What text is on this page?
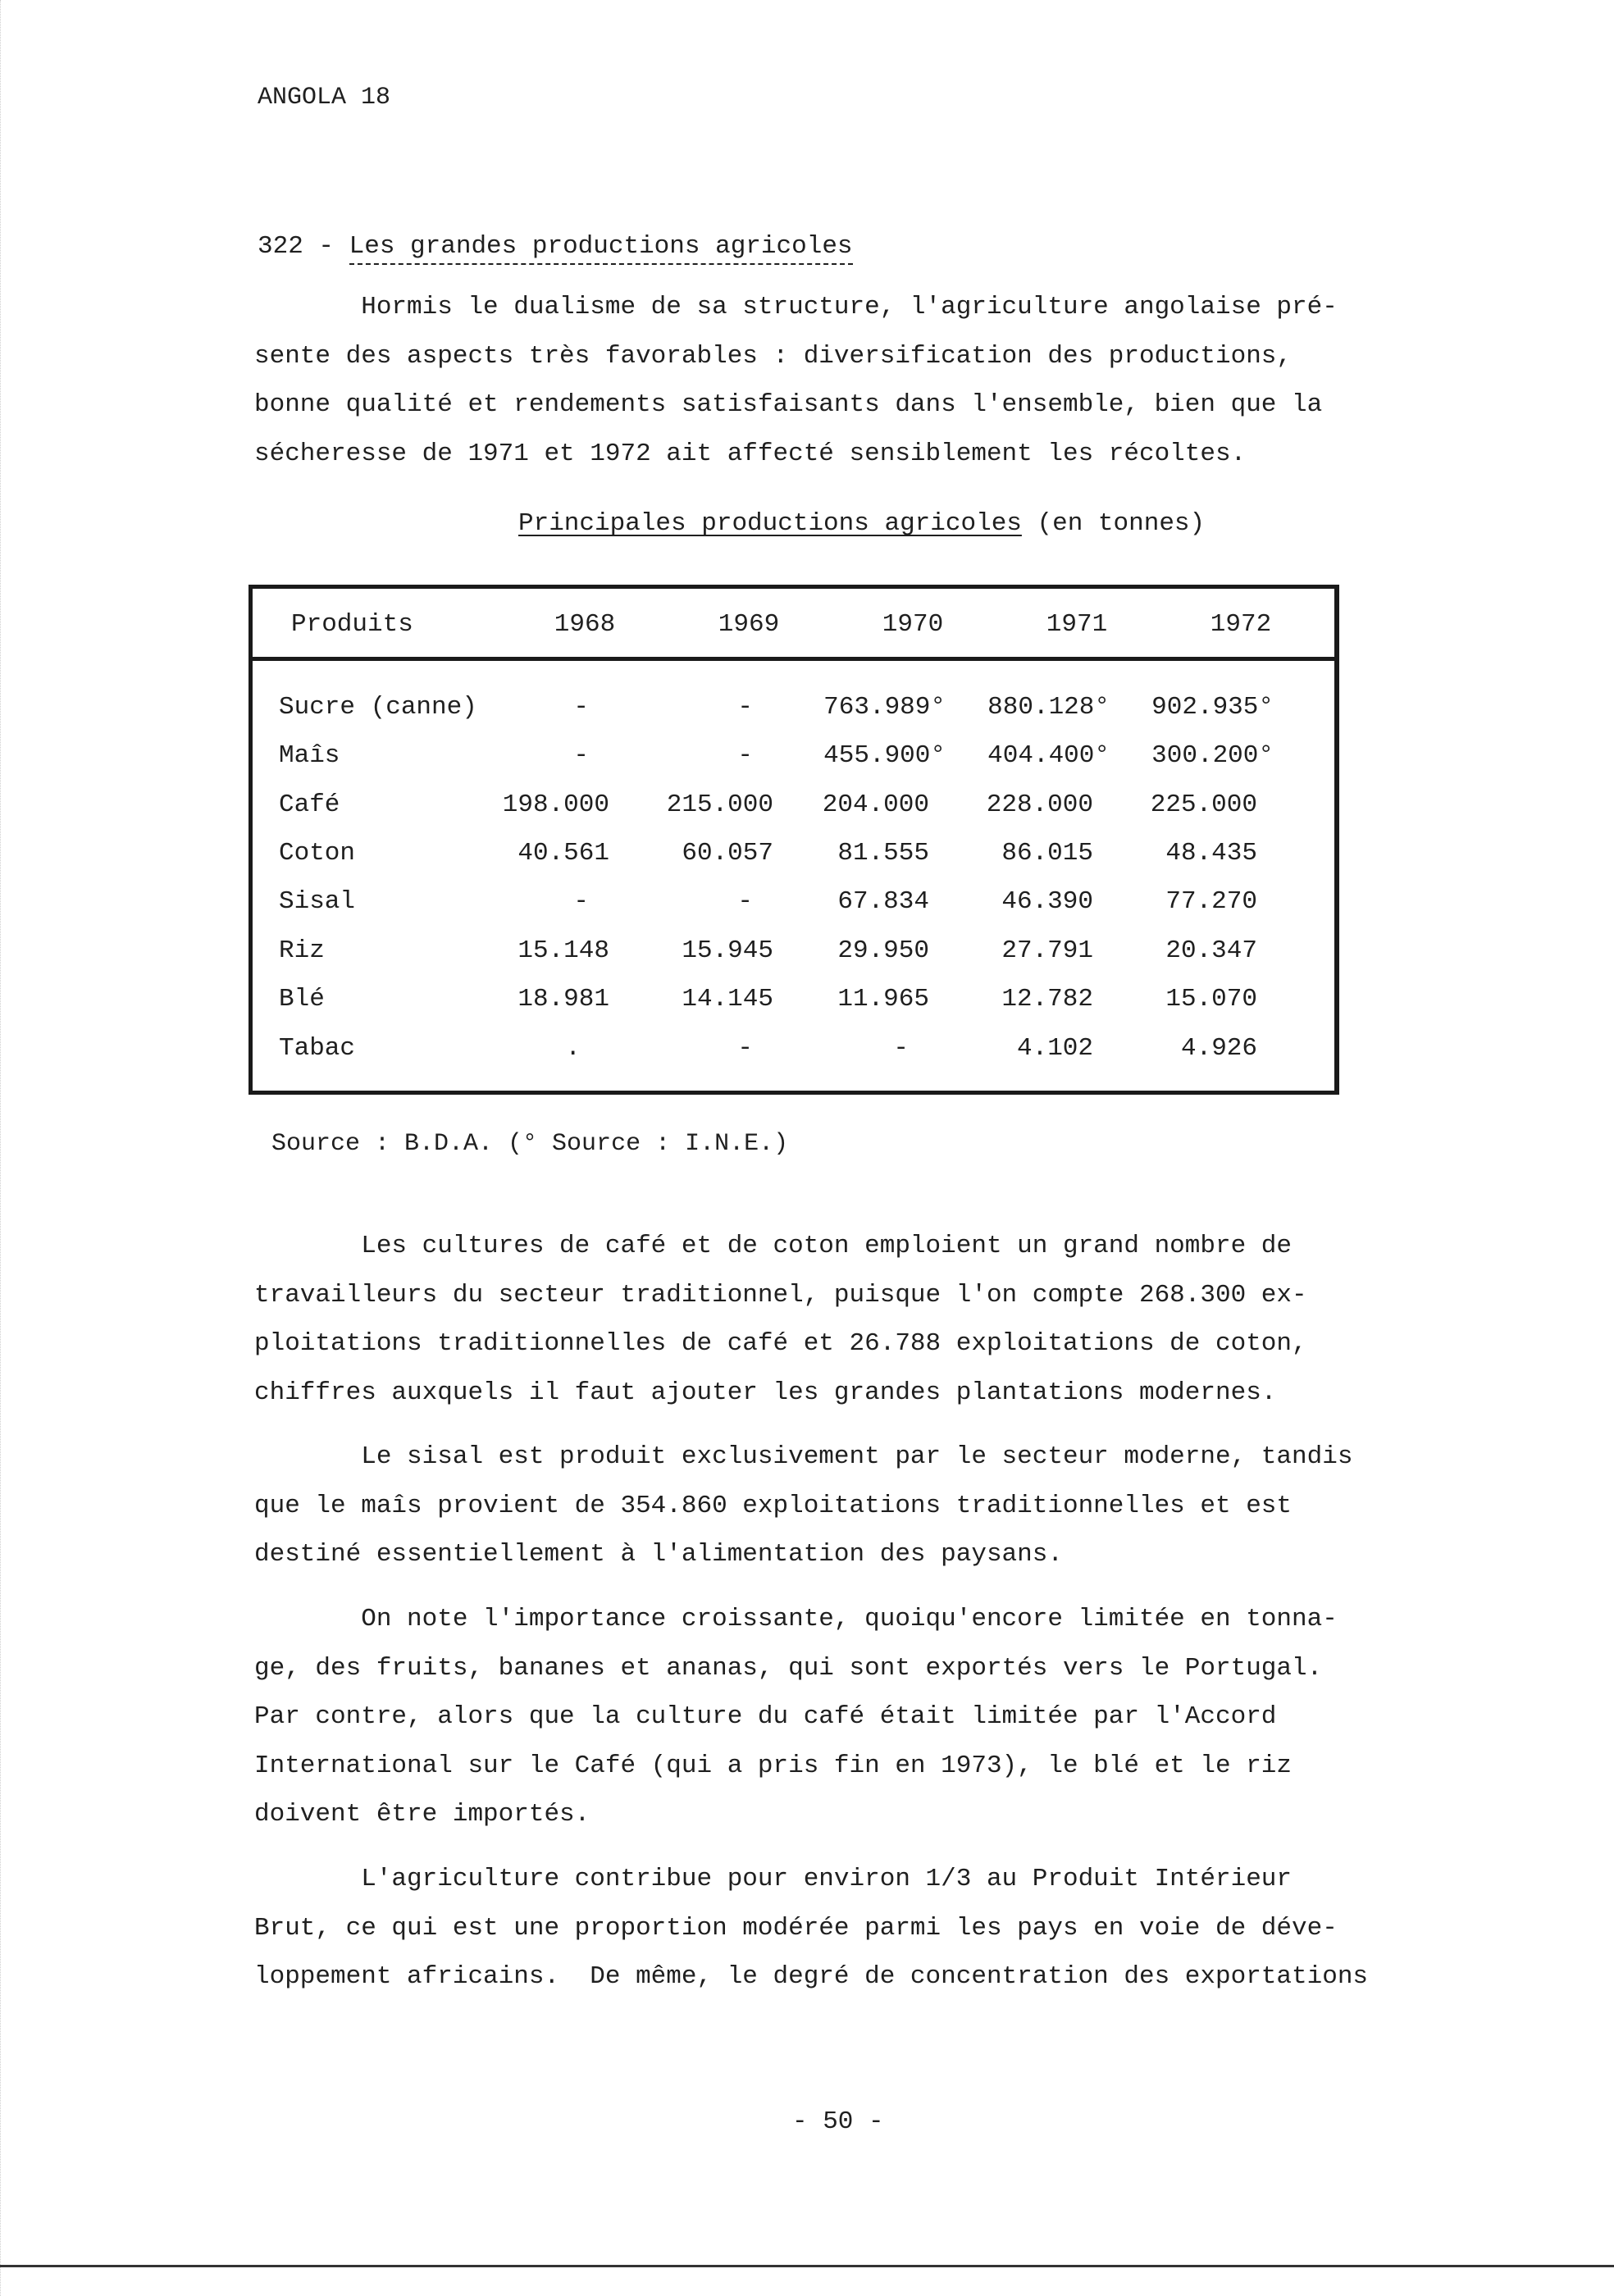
ANGOLA 18
322 - Les grandes productions agricoles
Hormis le dualisme de sa structure, l'agriculture angolaise pré-
sente des aspects très favorables : diversification des productions,
bonne qualité et rendements satisfaisants dans l'ensemble, bien que la
sécheresse de 1971 et 1972 ait affecté sensiblement les récoltes.
Principales productions agricoles (en tonnes)
Produits	1968	1969	1970	1971	1972
Sucre (canne)	-	-	763.989°	880.128°	902.935°
Maîs	-	-	455.900°	404.400°	300.200°
Café	198.000	215.000	204.000	228.000	225.000
Coton	40.561	60.057	81.555	86.015	48.435
Sisal	-	-	67.834	46.390	77.270
Riz	15.148	15.945	29.950	27.791	20.347
Blé	18.981	14.145	11.965	12.782	15.070
Tabac	.	-	-	4.102	4.926
Source : B.D.A. (° Source : I.N.E.)
Les cultures de café et de coton emploient un grand nombre de
travailleurs du secteur traditionnel, puisque l'on compte 268.300 ex-
ploitations traditionnelles de café et 26.788 exploitations de coton,
chiffres auxquels il faut ajouter les grandes plantations modernes.
Le sisal est produit exclusivement par le secteur moderne, tandis
que le maîs provient de 354.860 exploitations traditionnelles et est
destiné essentiellement à l'alimentation des paysans.
On note l'importance croissante, quoiqu'encore limitée en tonna-
ge, des fruits, bananes et ananas, qui sont exportés vers le Portugal.
Par contre, alors que la culture du café était limitée par l'Accord
International sur le Café (qui a pris fin en 1973), le blé et le riz
doivent être importés.
L'agriculture contribue pour environ 1/3 au Produit Intérieur
Brut, ce qui est une proportion modérée parmi les pays en voie de déve-
loppement africains.  De même, le degré de concentration des exportations
- 50 -
